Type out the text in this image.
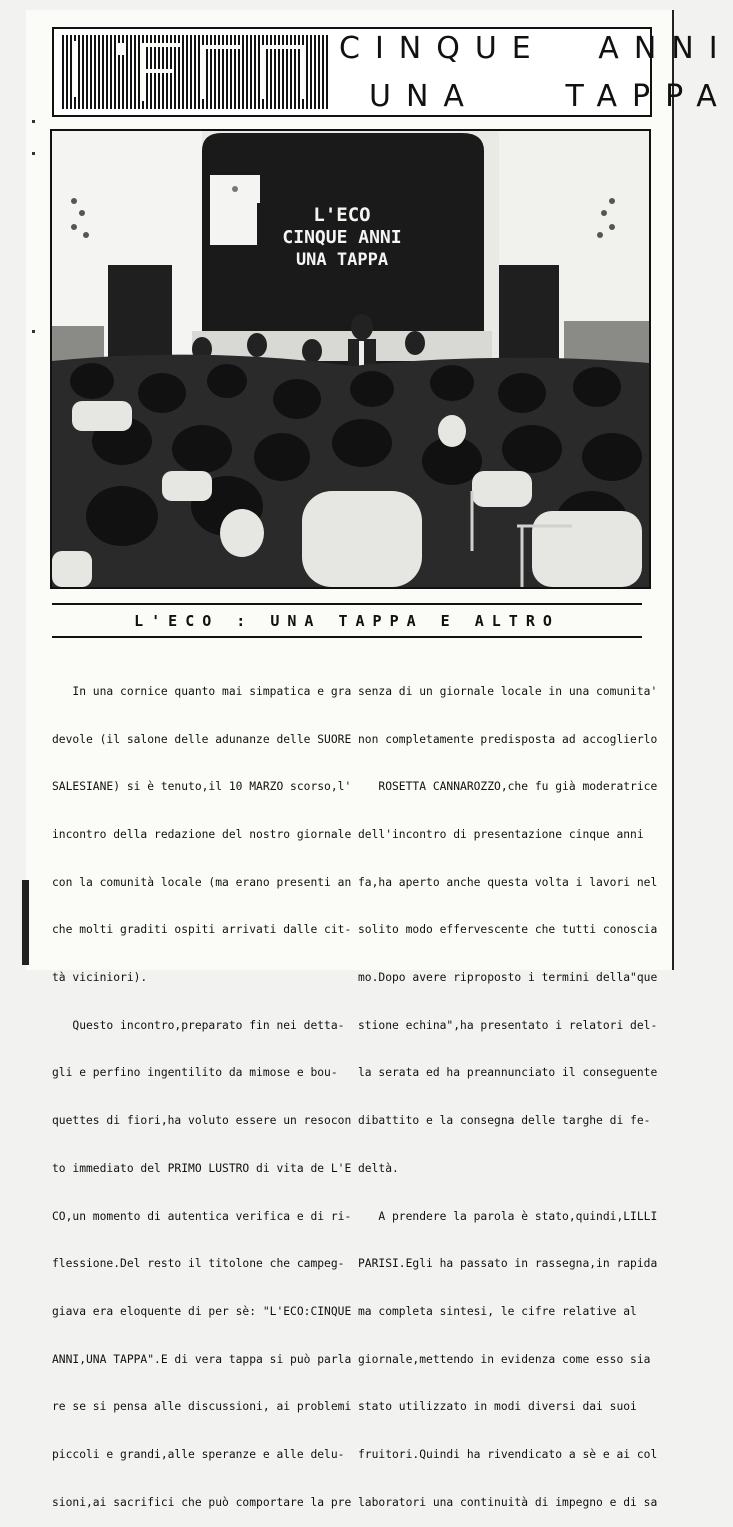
CINQUE ANNI
UNA TAPPA
L'ECO
CINQUE ANNI
UNA TAPPA
L'ECO : UNA TAPPA E ALTRO

In una cornice quanto mai simpatica e gra

devole (il salone delle adunanze delle SUORE

SALESIANE) si è tenuto,il 10 MARZO scorso,l'

incontro della redazione del nostro giornale

con la comunità locale (ma erano presenti an

che molti graditi ospiti arrivati dalle cit-

tà viciniori).

Questo incontro,preparato fin nei detta-

gli e perfino ingentilito da mimose e bou-

quettes di fiori,ha voluto essere un resocon

to immediato del PRIMO LUSTRO di vita de L'E

CO,un momento di autentica verifica e di ri-

flessione.Del resto il titolone che campeg-

giava era eloquente di per sè: "L'ECO:CINQUE

ANNI,UNA TAPPA".E di vera tappa si può parla

re se si pensa alle discussioni, ai problemi

piccoli e grandi,alle speranze e alle delu-

sioni,ai sacrifici che può comportare la pre

senza di un giornale locale in una comunita'

non completamente predisposta ad accoglierlo

ROSETTA CANNAROZZO,che fu già moderatrice

dell'incontro di presentazione cinque anni

fa,ha aperto anche questa volta i lavori nel

solito modo effervescente che tutti conoscia

mo.Dopo avere riproposto i termini della"que

stione echina",ha presentato i relatori del-

la serata ed ha preannunciato il conseguente

dibattito e la consegna delle targhe di fe-

deltà.

A prendere la parola è stato,quindi,LILLI

PARISI.Egli ha passato in rassegna,in rapida

ma completa sintesi, le cifre relative al

giornale,mettendo in evidenza come esso sia

stato utilizzato in modi diversi dai suoi

fruitori.Quindi ha rivendicato a sè e ai col

laboratori una continuità di impegno e di sa
